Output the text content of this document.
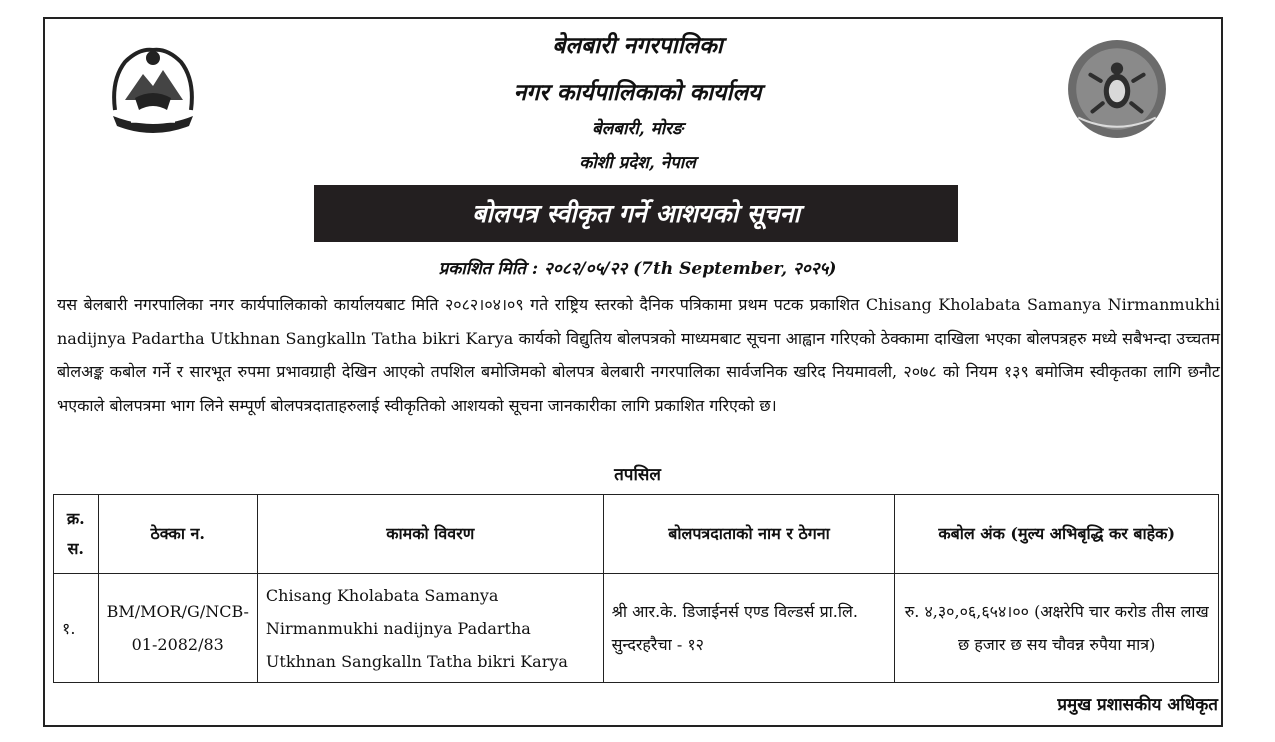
बेलबारी नगरपालिका
नगर कार्यपालिकाको कार्यालय
बेलबारी, मोरङ
कोशी प्रदेश, नेपाल
बोलपत्र स्वीकृत गर्ने आशयको सूचना
प्रकाशित मिति : २०८२/०५/२२ (7th September, २०२५)
यस बेलबारी नगरपालिका नगर कार्यपालिकाको कार्यालयबाट मिति २०८२।०४।०९ गते राष्ट्रिय स्तरको दैनिक पत्रिकामा प्रथम पटक प्रकाशित Chisang Kholabata Samanya Nirmanmukhi nadijnya Padartha Utkhnan Sangkalln Tatha bikri Karya कार्यको विद्युतिय बोलपत्रको माध्यमबाट सूचना आह्वान गरिएको ठेक्कामा दाखिला भएका बोलपत्रहरु मध्ये सबैभन्दा उच्चतम बोलअङ्क कबोल गर्ने र सारभूत रुपमा प्रभावग्राही देखिन आएको तपशिल बमोजिमको बोलपत्र बेलबारी नगरपालिका सार्वजनिक खरिद नियमावली, २०७८ को नियम १३९ बमोजिम स्वीकृतका लागि छनौट भएकाले बोलपत्रमा भाग लिने सम्पूर्ण बोलपत्रदाताहरुलाई स्वीकृतिको आशयको सूचना जानकारीका लागि प्रकाशित गरिएको छ।
तपसिल
क्र. स.	ठेक्का न.	कामको विवरण	बोलपत्रदाताको नाम र ठेगना	कबोल अंक (मुल्य अभिबृद्धि कर बाहेक)
१.	BM/MOR/G/NCB-01-2082/83	Chisang Kholabata Samanya Nirmanmukhi nadijnya Padartha Utkhnan Sangkalln Tatha bikri Karya	श्री आर.के. डिजाईनर्स एण्ड विल्डर्स प्रा.लि. सुन्दरहरैचा - १२	रु. ४,३०,०६,६५४।०० (अक्षरेपि चार करोड तीस लाख छ हजार छ सय चौवन्न रुपैया मात्र)
प्रमुख प्रशासकीय अधिकृत
